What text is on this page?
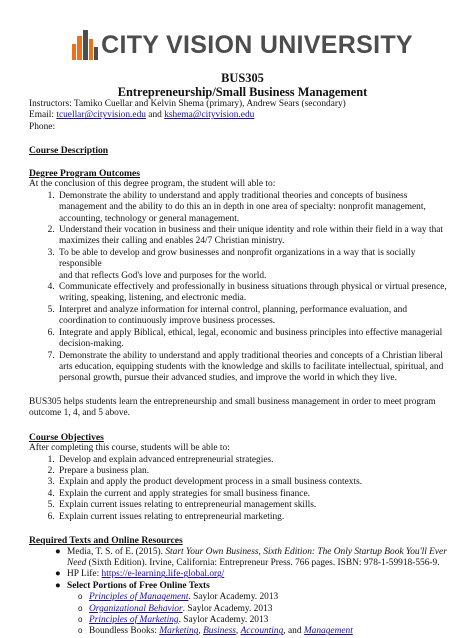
CITY VISION UNIVERSITY
BUS305
Entrepreneurship/Small Business Management
Instructors: Tamiko Cuellar and Kelvin Shema (primary), Andrew Sears (secondary)
Email: tcuellar@cityvision.edu and kshema@cityvision.edu
Phone:
Course Description
Degree Program Outcomes
At the conclusion of this degree program, the student will able to:
1. Demonstrate the ability to understand and apply traditional theories and concepts of business
management and the ability to do this an in depth in one area of specialty: nonprofit management,
accounting, technology or general management.
2. Understand their vocation in business and their unique identity and role within their field in a way that
maximizes their calling and enables 24/7 Christian ministry.
3. To be able to develop and grow businesses and nonprofit organizations in a way that is socially responsible
and that reflects God's love and purposes for the world.
4. Communicate effectively and professionally in business situations through physical or virtual presence,
writing, speaking, listening, and electronic media.
5. Interpret and analyze information for internal control, planning, performance evaluation, and
coordination to continuously improve business processes.
6. Integrate and apply Biblical, ethical, legal, economic and business principles into effective managerial
decision-making.
7. Demonstrate the ability to understand and apply traditional theories and concepts of a Christian liberal
arts education, equipping students with the knowledge and skills to facilitate intellectual, spiritual, and
personal growth, pursue their advanced studies, and improve the world in which they live.
BUS305 helps students learn the entrepreneurship and small business management in order to meet program
outcome 1, 4, and 5 above.
Course Objectives
After completing this course, students will be able to:
1. Develop and explain advanced entrepreneurial strategies.
2. Prepare a business plan.
3. Explain and apply the product development process in a small business contexts.
4. Explain the current and apply strategies for small business finance.
5. Explain current issues relating to entrepreneurial management skills.
6. Explain current issues relating to entrepreneurial marketing.
Required Texts and Online Resources
● Media, T. S. of E. (2015). Start Your Own Business, Sixth Edition: The Only Startup Book You'll Ever
Need (Sixth Edition). Irvine, California: Entrepreneur Press. 766 pages. ISBN: 978-1-59918-556-9.
● HP Life: https://e-learning.life-global.org/
● Select Portions of Free Online Texts
o Principles of Management. Saylor Academy. 2013
o Organizational Behavior. Saylor Academy. 2013
o Principles of Marketing. Saylor Academy. 2013
o Boundless Books: Marketing, Business, Accounting, and Management
